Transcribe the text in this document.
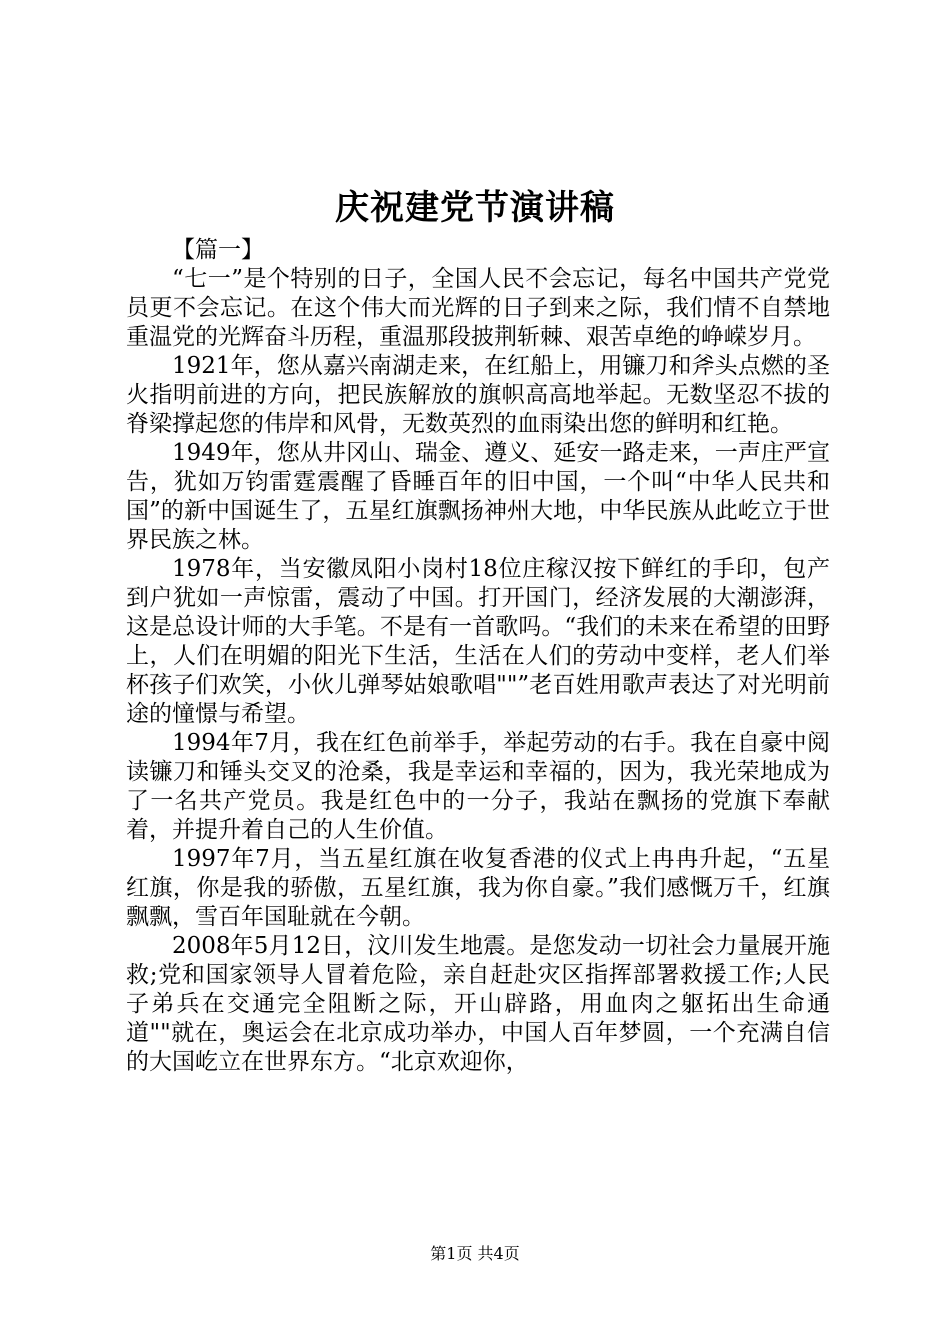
庆祝建党节演讲稿

【篇一】

“七一”是个特别的日子，全国人民不会忘记，每名中国共产党党员更不会忘记。在这个伟大而光辉的日子到来之际，我们情不自禁地重温党的光辉奋斗历程，重温那段披荆斩棘、艰苦卓绝的峥嵘岁月。

1921年，您从嘉兴南湖走来，在红船上，用镰刀和斧头点燃的圣火指明前进的方向，把民族解放的旗帜高高地举起。无数坚忍不拔的脊梁撑起您的伟岸和风骨，无数英烈的血雨染出您的鲜明和红艳。

1949年，您从井冈山、瑞金、遵义、延安一路走来，一声庄严宣告，犹如万钧雷霆震醒了昏睡百年的旧中国，一个叫“中华人民共和国”的新中国诞生了，五星红旗飘扬神州大地，中华民族从此屹立于世界民族之林。

1978年，当安徽凤阳小岗村18位庄稼汉按下鲜红的手印，包产到户犹如一声惊雷，震动了中国。打开国门，经济发展的大潮澎湃，这是总设计师的大手笔。不是有一首歌吗。“我们的未来在希望的田野上，人们在明媚的阳光下生活，生活在人们的劳动中变样，老人们举杯孩子们欢笑，小伙儿弹琴姑娘歌唱""”老百姓用歌声表达了对光明前途的憧憬与希望。

1994年7月，我在红色前举手，举起劳动的右手。我在自豪中阅读镰刀和锤头交叉的沧桑，我是幸运和幸福的，因为，我光荣地成为了一名共产党员。我是红色中的一分子，我站在飘扬的党旗下奉献着，并提升着自己的人生价值。

1997年7月，当五星红旗在收复香港的仪式上冉冉升起，“五星红旗，你是我的骄傲，五星红旗，我为你自豪。”我们感慨万千，红旗飘飘，雪百年国耻就在今朝。

2008年5月12日，汶川发生地震。是您发动一切社会力量展开施救;党和国家领导人冒着危险，亲自赶赴灾区指挥部署救援工作;人民子弟兵在交通完全阻断之际，开山辟路，用血肉之躯拓出生命通道""就在，奥运会在北京成功举办，中国人百年梦圆，一个充满自信的大国屹立在世界东方。“北京欢迎你，

第1页 共4页
